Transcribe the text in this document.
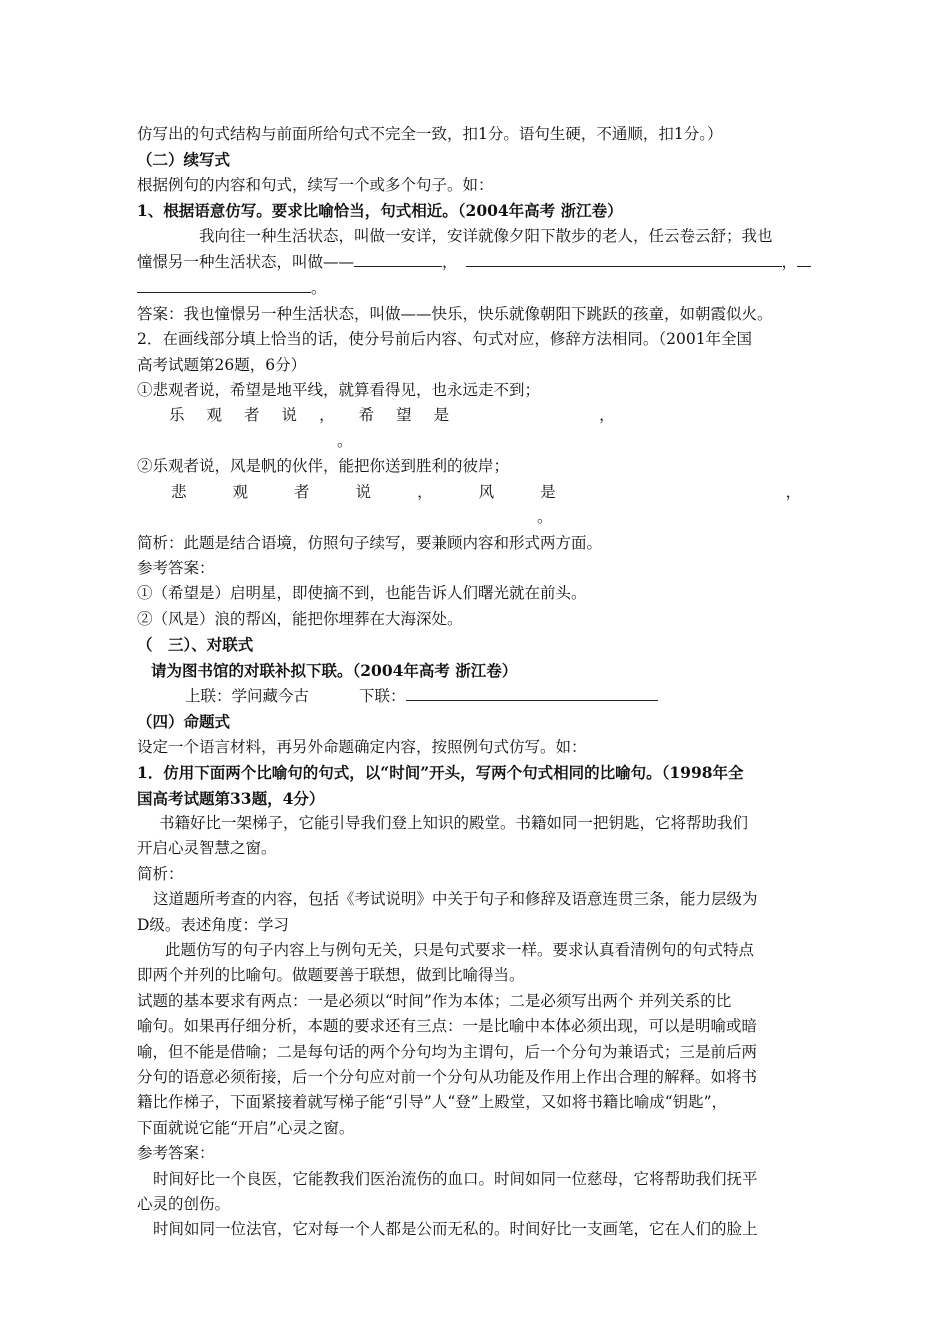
仿写出的句式结构与前面所给句式不完全一致，扣1分。语句生硬，不通顺，扣1分。）

（二）续写式

根据例句的内容和句式，续写一个或多个句子。如：

1、根据语意仿写。要求比喻恰当，句式相近。（2004年高考 浙江卷）

我向往一种生活状态，叫做一安详，安详就像夕阳下散步的老人，任云卷云舒；我也

憧憬另一种生活状态，叫做——	，	，

。

答案：我也憧憬另一种生活状态，叫做——快乐，快乐就像朝阳下跳跃的孩童，如朝霞似火。

2．在画线部分填上恰当的话，使分号前后内容、句式对应，修辞方法相同。（2001年全国

高考试题第26题，6分）

①悲观者说，希望是地平线，就算看得见，也永远走不到；

乐 观 者 说 ， 希 望 是	，

。

②乐观者说，风是帆的伙伴，能把你送到胜利的彼岸；

悲	观	者	说	，	风	是	，

。

简析：此题是结合语境，仿照句子续写，要兼顾内容和形式两方面。

参考答案：

①（希望是）启明星，即使摘不到，也能告诉人们曙光就在前头。

②（风是）浪的帮凶，能把你埋葬在大海深处。

（　三）、对联式

请为图书馆的对联补拟下联。（2004年高考 浙江卷）

上联：学问藏今古	下联：

（四）命题式

设定一个语言材料，再另外命题确定内容，按照例句式仿写。如：

1．仿用下面两个比喻句的句式，以“时间”开头，写两个句式相同的比喻句。（1998年全

国高考试题第33题，4分）

书籍好比一架梯子，它能引导我们登上知识的殿堂。书籍如同一把钥匙，它将帮助我们

开启心灵智慧之窗。

简析：

这道题所考查的内容，包括《考试说明》中关于句子和修辞及语意连贯三条，能力层级为

D级。表述角度：学习

此题仿写的句子内容上与例句无关，只是句式要求一样。要求认真看清例句的句式特点

即两个并列的比喻句。做题要善于联想，做到比喻得当。

试题的基本要求有两点：一是必须以“时间”作为本体；二是必须写出两个 并列关系的比

喻句。如果再仔细分析，本题的要求还有三点：一是比喻中本体必须出现，可以是明喻或暗

喻，但不能是借喻；二是每句话的两个分句均为主谓句，后一个分句为兼语式；三是前后两

分句的语意必须衔接，后一个分句应对前一个分句从功能及作用上作出合理的解释。如将书

籍比作梯子，下面紧接着就写梯子能“引导”人“登”上殿堂，又如将书籍比喻成“钥匙”，

下面就说它能“开启”心灵之窗。

参考答案：

时间好比一个良医，它能教我们医治流伤的血口。时间如同一位慈母，它将帮助我们抚平

心灵的创伤。

时间如同一位法官，它对每一个人都是公而无私的。时间好比一支画笔，它在人们的脸上
